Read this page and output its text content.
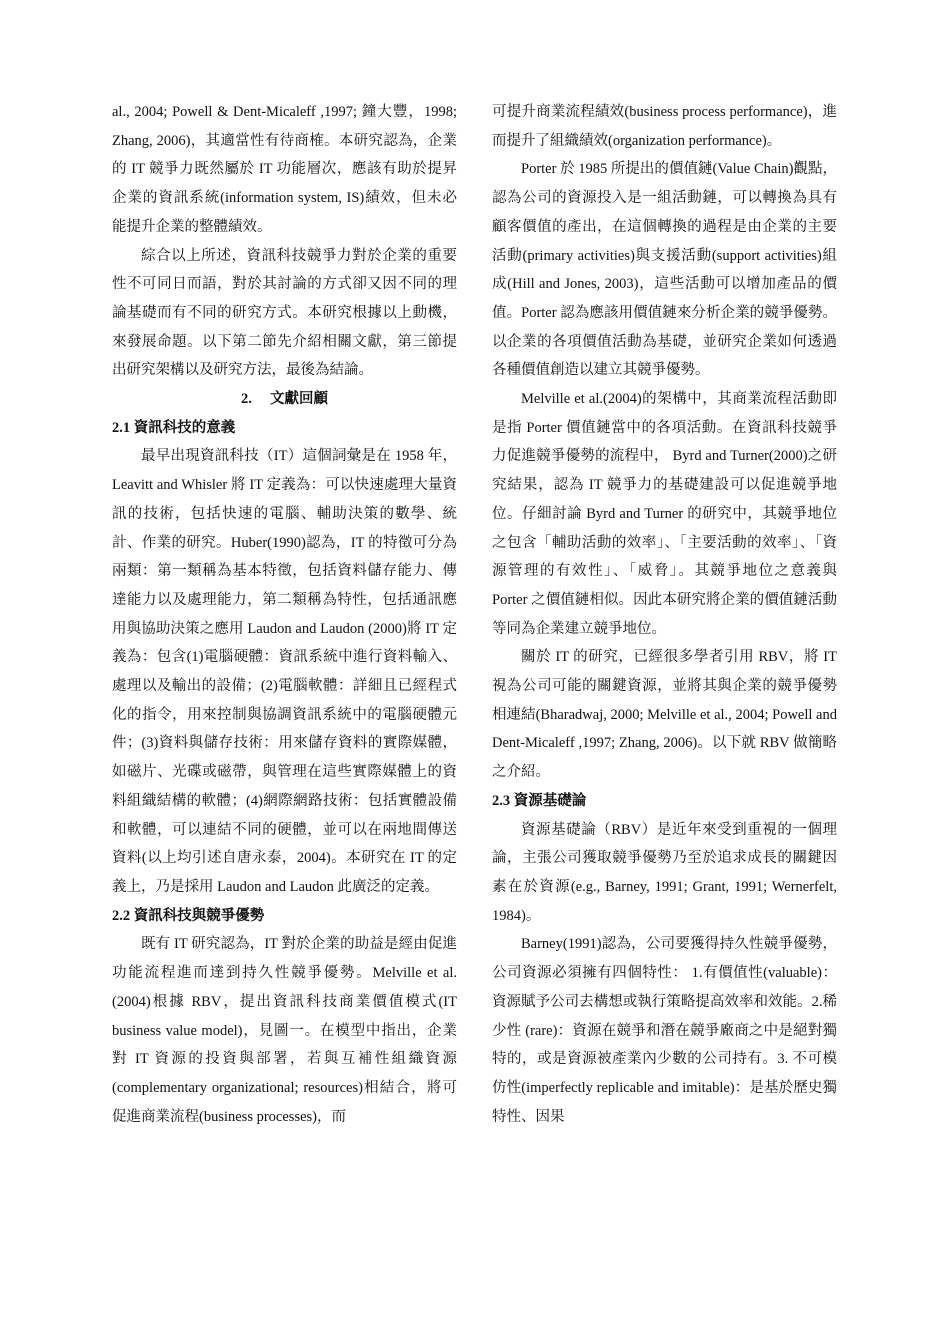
al., 2004; Powell & Dent-Micaleff ,1997; 鐘大豐，1998; Zhang, 2006)，其適當性有待商榷。本研究認為，企業的 IT 競爭力既然屬於 IT 功能層次，應該有助於提昇企業的資訊系統(information system, IS)績效，但未必能提升企業的整體績效。

綜合以上所述，資訊科技競爭力對於企業的重要性不可同日而語，對於其討論的方式卻又因不同的理論基礎而有不同的研究方式。本研究根據以上動機，來發展命題。以下第二節先介紹相關文獻，第三節提出研究架構以及研究方法，最後為結論。

2.　 文獻回顧

2.1 資訊科技的意義

最早出現資訊科技（IT）這個詞彙是在 1958 年，Leavitt and Whisler 將 IT 定義為：可以快速處理大量資訊的技術，包括快速的電腦、輔助決策的數學、統計、作業的研究。Huber(1990)認為，IT 的特徵可分為兩類：第一類稱為基本特徵，包括資料儲存能力、傳達能力以及處理能力，第二類稱為特性，包括通訊應用與協助決策之應用 Laudon and Laudon (2000)將 IT 定義為：包含(1)電腦硬體：資訊系統中進行資料輸入、處理以及輸出的設備；(2)電腦軟體：詳細且已經程式化的指令，用來控制與協調資訊系統中的電腦硬體元件；(3)資料與儲存技術：用來儲存資料的實際媒體，如磁片、光碟或磁帶，與管理在這些實際媒體上的資料組織結構的軟體；(4)網際網路技術：包括實體設備和軟體，可以連結不同的硬體，並可以在兩地間傳送資料(以上均引述自唐永泰，2004)。本研究在 IT 的定義上，乃是採用 Laudon and Laudon 此廣泛的定義。

2.2 資訊科技與競爭優勢

既有 IT 研究認為，IT 對於企業的助益是經由促進功能流程進而達到持久性競爭優勢。Melville et al. (2004)根據 RBV，提出資訊科技商業價值模式(IT business value model)，見圖一。在模型中指出，企業對 IT 資源的投資與部署，若與互補性組織資源(complementary organizational; resources)相結合，將可促進商業流程(business processes)，而

可提升商業流程績效(business process performance)，進而提升了組織績效(organization performance)。

Porter 於 1985 所提出的價值鏈(Value Chain)觀點，認為公司的資源投入是一組活動鏈，可以轉換為具有顧客價值的產出，在這個轉換的過程是由企業的主要活動(primary activities)與支援活動(support activities)組成(Hill and Jones, 2003)，這些活動可以增加產品的價值。Porter 認為應該用價值鏈來分析企業的競爭優勢。以企業的各項價值活動為基礎，並研究企業如何透過各種價值創造以建立其競爭優勢。

Melville et al.(2004)的架構中，其商業流程活動即是指 Porter 價值鏈當中的各項活動。在資訊科技競爭力促進競爭優勢的流程中， Byrd and Turner(2000)之研究結果，認為 IT 競爭力的基礎建設可以促進競爭地位。仔細討論 Byrd and Turner 的研究中，其競爭地位之包含「輔助活動的效率」、「主要活動的效率」、「資源管理的有效性」、「威脅」。其競爭地位之意義與 Porter 之價值鏈相似。因此本研究將企業的價值鏈活動等同為企業建立競爭地位。

關於 IT 的研究，已經很多學者引用 RBV，將 IT 視為公司可能的關鍵資源，並將其與企業的競爭優勢相連結(Bharadwaj, 2000; Melville et al., 2004; Powell and Dent-Micaleff ,1997; Zhang, 2006)。以下就 RBV 做簡略之介紹。

2.3 資源基礎論

資源基礎論（RBV）是近年來受到重視的一個理論，主張公司獲取競爭優勢乃至於追求成長的關鍵因素在於資源(e.g., Barney, 1991; Grant, 1991; Wernerfelt, 1984)。

Barney(1991)認為，公司要獲得持久性競爭優勢，公司資源必須擁有四個特性： 1.有價值性(valuable)：資源賦予公司去構想或執行策略提高效率和效能。2.稀少性 (rare)：資源在競爭和潛在競爭廠商之中是絕對獨特的，或是資源被產業內少數的公司持有。3. 不可模仿性(imperfectly replicable and imitable)：是基於歷史獨特性、因果
